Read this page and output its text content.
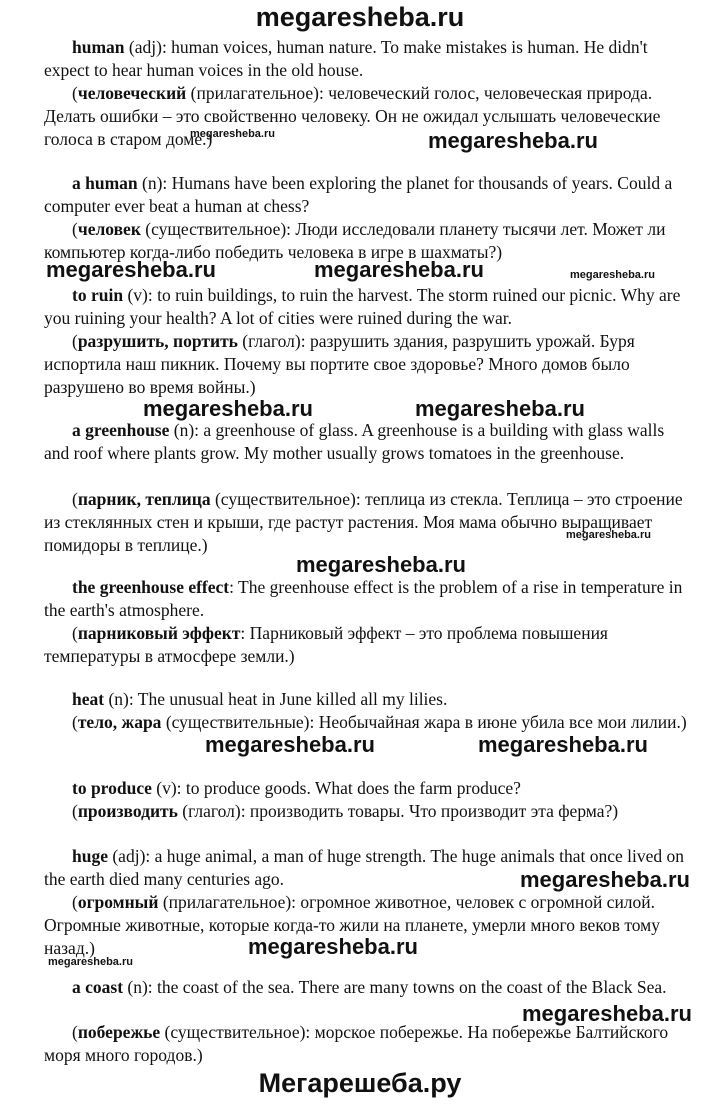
megaresheba.ru
Мегарешеба.ру

human (adj): human voices, human nature. To make mistakes is human. He didn't expect to hear human voices in the old house.

(человеческий (прилагательное): человеческий голос, человеческая природа. Делать ошибки – это свойственно человеку. Он не ожидал услышать человеческие голоса в старом доме.)

a human (n): Humans have been exploring the planet for thousands of years. Could a computer ever beat a human at chess?

(человек (существительное): Люди исследовали планету тысячи лет. Может ли компьютер когда-либо победить человека в игре в шахматы?)

to ruin (v): to ruin buildings, to ruin the harvest. The storm ruined our picnic. Why are you ruining your health? A lot of cities were ruined during the war.

(разрушить, портить (глагол): разрушить здания, разрушить урожай. Буря испортила наш пикник. Почему вы портите свое здоровье? Много домов было разрушено во время войны.)

a greenhouse (n): a greenhouse of glass. A greenhouse is a building with glass walls and roof where plants grow. My mother usually grows tomatoes in the greenhouse.

(парник, теплица (существительное): теплица из стекла. Теплица – это строение из стеклянных стен и крыши, где растут растения. Моя мама обычно выращивает помидоры в теплице.)

the greenhouse effect: The greenhouse effect is the problem of a rise in temperature in the earth's atmosphere.

(парниковый эффект: Парниковый эффект – это проблема повышения температуры в атмосфере земли.)

heat (n): The unusual heat in June killed all my lilies.

(тело, жара (существительные): Необычайная жара в июне убила все мои лилии.)

to produce (v): to produce goods. What does the farm produce?

(производить (глагол): производить товары. Что производит эта ферма?)

huge (adj): a huge animal, a man of huge strength. The huge animals that once lived on the earth died many centuries ago.

(огромный (прилагательное): огромное животное, человек с огромной силой. Огромные животные, которые когда-то жили на планете, умерли много веков тому назад.)

a coast (n): the coast of the sea. There are many towns on the coast of the Black Sea.

(побережье (существительное): морское побережье. На побережье Балтийского моря много городов.)

megaresheba.ru	megaresheba.ru
megaresheba.ru	megaresheba.ru	megaresheba.ru
megaresheba.ru	megaresheba.ru
megaresheba.ru
megaresheba.ru
megaresheba.ru	megaresheba.ru
megaresheba.ru
megaresheba.ru
megaresheba.ru
megaresheba.ru
